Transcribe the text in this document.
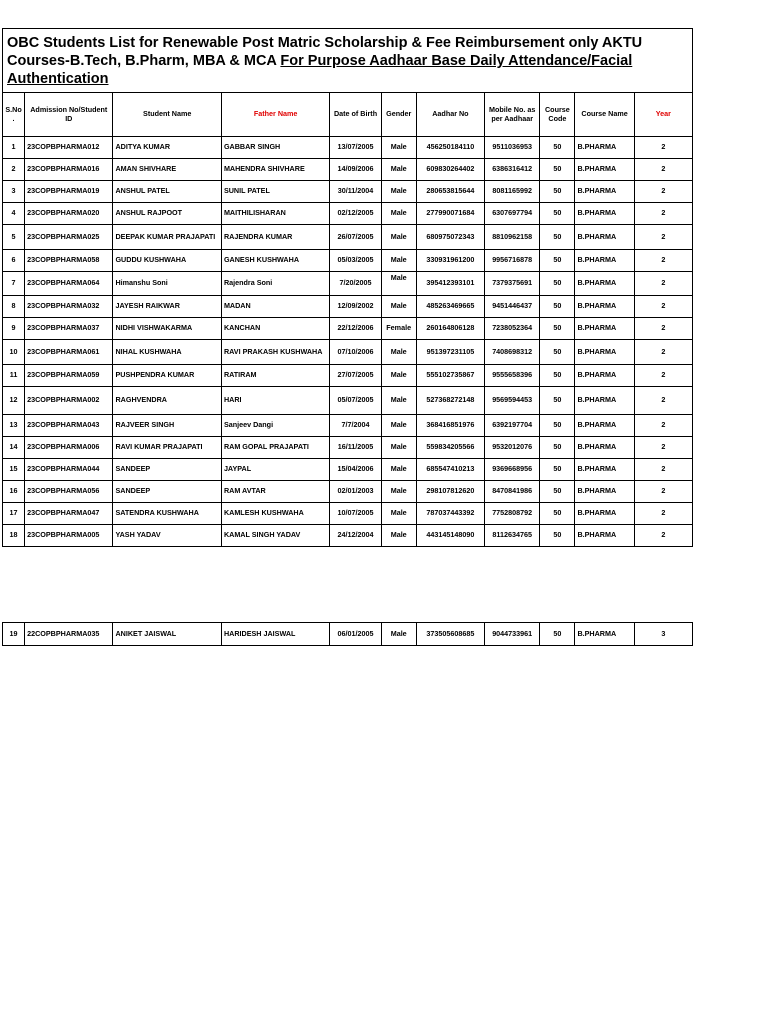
OBC Students List for Renewable Post Matric Scholarship & Fee Reimbursement only AKTU Courses-B.Tech, B.Pharm, MBA & MCA For Purpose Aadhaar Base Daily Attendance/Facial Authentication
S.No .	Admission No/Student ID	Student Name	Father Name	Date of Birth	Gender	Aadhar No	Mobile No. as per Aadhaar	Course Code	Course Name	Year
1	23COPBPHARMA012	ADITYA KUMAR	GABBAR SINGH	13/07/2005	Male	456250184110	9511036953	50	B.PHARMA	2
2	23COPBPHARMA016	AMAN SHIVHARE	MAHENDRA SHIVHARE	14/09/2006	Male	609830264402	6386316412	50	B.PHARMA	2
3	23COPBPHARMA019	ANSHUL PATEL	SUNIL PATEL	30/11/2004	Male	280653815644	8081165992	50	B.PHARMA	2
4	23COPBPHARMA020	ANSHUL RAJPOOT	MAITHILISHARAN	02/12/2005	Male	277990071684	6307697794	50	B.PHARMA	2
5	23COPBPHARMA025	DEEPAK KUMAR PRAJAPATI	RAJENDRA KUMAR	26/07/2005	Male	680975072343	8810962158	50	B.PHARMA	2
6	23COPBPHARMA058	GUDDU KUSHWAHA	GANESH KUSHWAHA	05/03/2005	Male	330931961200	9956716878	50	B.PHARMA	2
7	23COPBPHARMA064	Himanshu Soni	Rajendra Soni	7/20/2005	Male	395412393101	7379375691	50	B.PHARMA	2
8	23COPBPHARMA032	JAYESH RAIKWAR	MADAN	12/09/2002	Male	485263469665	9451446437	50	B.PHARMA	2
9	23COPBPHARMA037	NIDHI VISHWAKARMA	KANCHAN	22/12/2006	Female	260164806128	7238052364	50	B.PHARMA	2
10	23COPBPHARMA061	NIHAL KUSHWAHA	RAVI PRAKASH KUSHWAHA	07/10/2006	Male	951397231105	7408698312	50	B.PHARMA	2
11	23COPBPHARMA059	PUSHPENDRA KUMAR	RATIRAM	27/07/2005	Male	555102735867	9555658396	50	B.PHARMA	2
12	23COPBPHARMA002	RAGHVENDRA	HARI	05/07/2005	Male	527368272148	9569594453	50	B.PHARMA	2
13	23COPBPHARMA043	RAJVEER SINGH	Sanjeev Dangi	7/7/2004	Male	368416851976	6392197704	50	B.PHARMA	2
14	23COPBPHARMA006	RAVI KUMAR PRAJAPATI	RAM GOPAL PRAJAPATI	16/11/2005	Male	559834205566	9532012076	50	B.PHARMA	2
15	23COPBPHARMA044	SANDEEP	JAYPAL	15/04/2006	Male	685547410213	9369668956	50	B.PHARMA	2
16	23COPBPHARMA056	SANDEEP	RAM AVTAR	02/01/2003	Male	298107812620	8470841986	50	B.PHARMA	2
17	23COPBPHARMA047	SATENDRA KUSHWAHA	KAMLESH KUSHWAHA	10/07/2005	Male	787037443392	7752808792	50	B.PHARMA	2
18	23COPBPHARMA005	YASH YADAV	KAMAL SINGH YADAV	24/12/2004	Male	443145148090	8112634765	50	B.PHARMA	2
19	22COPBPHARMA035	ANIKET JAISWAL	HARIDESH JAISWAL	06/01/2005	Male	373505608685	9044733961	50	B.PHARMA	3
